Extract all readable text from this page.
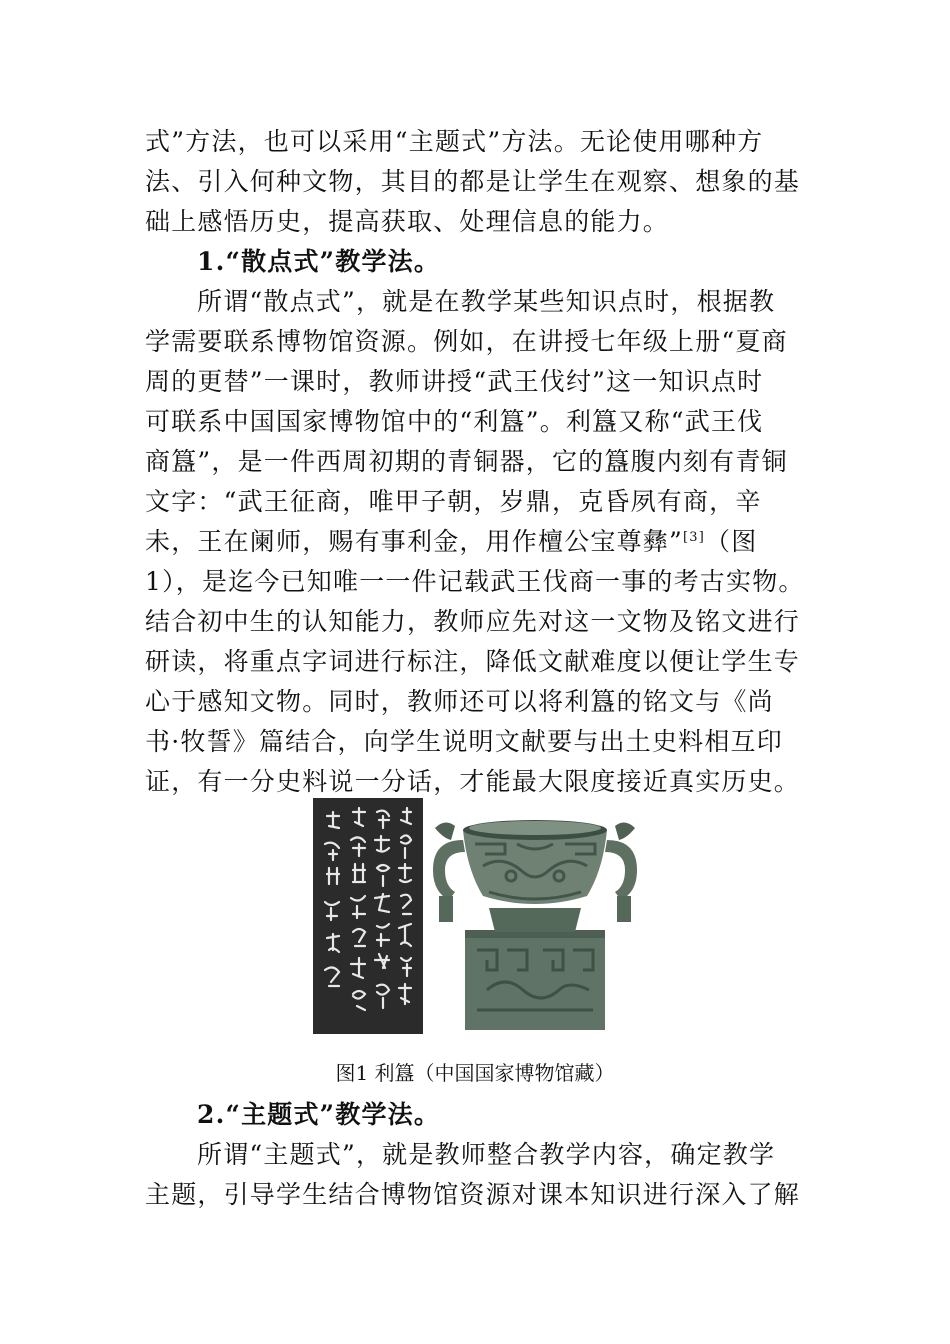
式”方法，也可以采用“主题式”方法。无论使用哪种方
法、引入何种文物，其目的都是让学生在观察、想象的基
础上感悟历史，提高获取、处理信息的能力。
1.“散点式”教学法。
所谓“散点式”，就是在教学某些知识点时，根据教
学需要联系博物馆资源。例如，在讲授七年级上册“夏商
周的更替”一课时，教师讲授“武王伐纣”这一知识点时
可联系中国国家博物馆中的“利簋”。利簋又称“武王伐
商簋”，是一件西周初期的青铜器，它的簋腹内刻有青铜
文字：“武王征商，唯甲子朝，岁鼎，克昏夙有商，辛
未，王在阑师，赐有事利金，用作檀公宝尊彝”[3]（图
1），是迄今已知唯一一件记载武王伐商一事的考古实物。
结合初中生的认知能力，教师应先对这一文物及铭文进行
研读，将重点字词进行标注，降低文献难度以便让学生专
心于感知文物。同时，教师还可以将利簋的铭文与《尚
书·牧誓》篇结合，向学生说明文献要与出土史料相互印
证，有一分史料说一分话，才能最大限度接近真实历史。
图1 利簋（中国国家博物馆藏）
2.“主题式”教学法。
所谓“主题式”，就是教师整合教学内容，确定教学
主题，引导学生结合博物馆资源对课本知识进行深入了解
